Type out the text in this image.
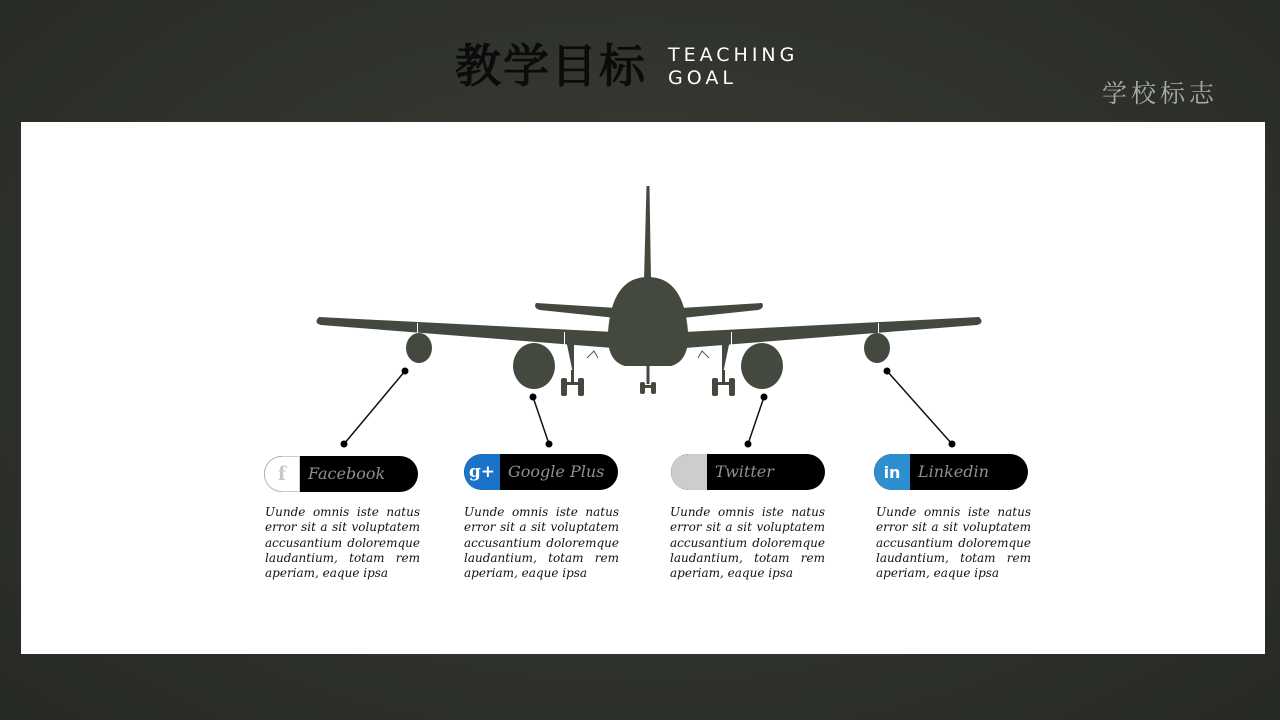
教学目标 TEACHING
GOAL
学校标志
f	Facebook
Uunde omnis iste natus error sit a sit voluptatem accusantium doloremque laudantium, totam rem aperiam, eaque ipsa
g+ Google Plus
Uunde omnis iste natus error sit a sit voluptatem accusantium doloremque laudantium, totam rem aperiam, eaque ipsa
Twitter
Uunde omnis iste natus error sit a sit voluptatem accusantium doloremque laudantium, totam rem aperiam, eaque ipsa
in	Linkedin
Uunde omnis iste natus error sit a sit voluptatem accusantium doloremque laudantium, totam rem aperiam, eaque ipsa
